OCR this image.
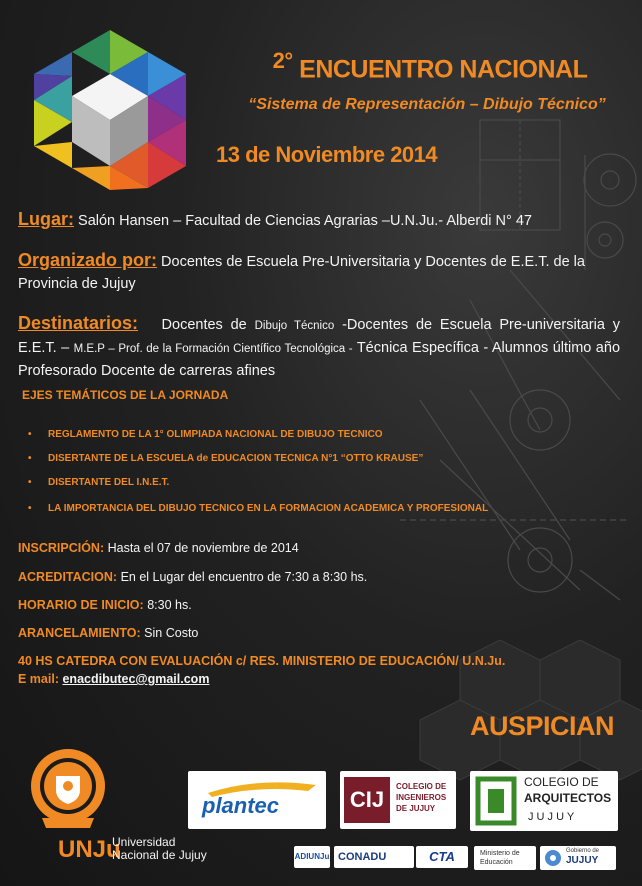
$^{2^\circ}$ ENCUENTRO NACIONAL
“Sistema de Representación – Dibujo Técnico”
13 de Noviembre 2014
Lugar: Salón Hansen – Facultad de Ciencias Agrarias –U.N.Ju.- Alberdi N° 47
Organizado por: Docentes de Escuela Pre-Universitaria y Docentes de E.E.T. de la Provincia de Jujuy
Destinatarios: Docentes de Dibujo Técnico -Docentes de Escuela Pre-universitaria y E.E.T. – M.E.P – Prof. de la Formación Científico Tecnológica - Técnica Específica - Alumnos último año Profesorado Docente de carreras afines
EJES TEMÁTICOS DE LA JORNADA
• REGLAMENTO DE LA 1° OLIMPIADA NACIONAL DE DIBUJO TECNICO
• DISERTANTE DE LA ESCUELA de EDUCACION TECNICA N°1 “OTTO KRAUSE”
• DISERTANTE DEL I.N.E.T.
• LA IMPORTANCIA DEL DIBUJO TECNICO EN LA FORMACION ACADEMICA Y PROFESIONAL
INSCRIPCIÓN: Hasta el 07 de noviembre de 2014
ACREDITACION: En el Lugar del encuentro de 7:30 a 8:30 hs.
HORARIO DE INICIO: 8:30 hs.
ARANCELAMIENTO: Sin Costo
40 HS CATEDRA CON EVALUACIÓN c/ RES. MINISTERIO DE EDUCACIÓN/ U.N.Ju.
E mail: enacdibutec@gmail.com
AUSPICIAN
UNJu
Universidad
Nacional de Jujuy
plantec	CIJ
COLEGIO DE INGENIEROS DE JUJUY
COLEGIO DE
ARQUITECTOS
J U J U Y
ADIUNJu CONADU	CTA	Ministerio de
Educación
Gobierno de
JUJUY
